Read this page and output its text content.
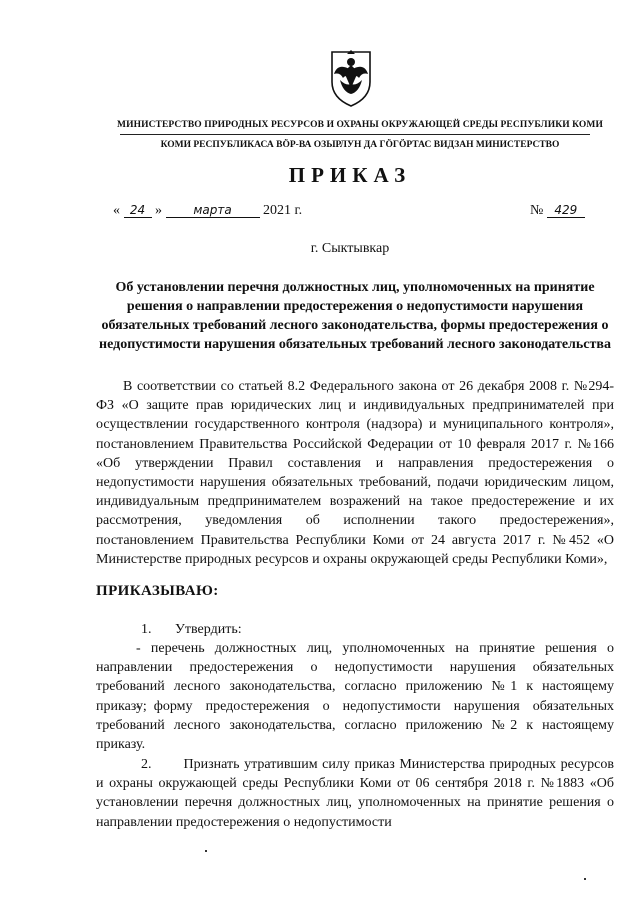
МИНИСТЕРСТВО ПРИРОДНЫХ РЕСУРСОВ И ОХРАНЫ ОКРУЖАЮЩЕЙ СРЕДЫ РЕСПУБЛИКИ КОМИ
КОМИ РЕСПУБЛИКАСА ВӦР-ВА ОЗЫРЛУН ДА ГӦГӦРТАС ВИДЗАН МИНИСТЕРСТВО
ПРИКАЗ
« 24 »	марта 2021 г.	№ 429
г. Сыктывкар
Об установлении перечня должностных лиц, уполномоченных на принятие решения о направлении предостережения о недопустимости нарушения обязательных требований лесного законодательства, формы предостережения о недопустимости нарушения обязательных требований лесного законодательства
В соответствии со статьей 8.2 Федерального закона от 26 декабря 2008 г. №294-ФЗ «О защите прав юридических лиц и индивидуальных предпринимателей при осуществлении государственного контроля (надзора) и муниципального контроля», постановлением Правительства Российской Федерации от 10 февраля 2017 г. №166 «Об утверждении Правил составления и направления предостережения о недопустимости нарушения обязательных требований, подачи юридическим лицом, индивидуальным предпринимателем возражений на такое предостережение и их рассмотрения, уведомления об исполнении такого предостережения», постановлением Правительства Республики Коми от 24 августа 2017 г. №452 «О Министерстве природных ресурсов и охраны окружающей среды Республики Коми»,
ПРИКАЗЫВАЮ:
1. Утвердить:
- перечень должностных лиц, уполномоченных на принятие решения о направлении предостережения о недопустимости нарушения обязательных требований лесного законодательства, согласно приложению №1 к настоящему приказу;
- форму предостережения о недопустимости нарушения обязательных требований лесного законодательства, согласно приложению №2 к настоящему приказу.
2. Признать утратившим силу приказ Министерства природных ресурсов и охраны окружающей среды Республики Коми от 06 сентября 2018 г. №1883 «Об установлении перечня должностных лиц, уполномоченных на принятие решения о направлении предостережения о недопустимости
